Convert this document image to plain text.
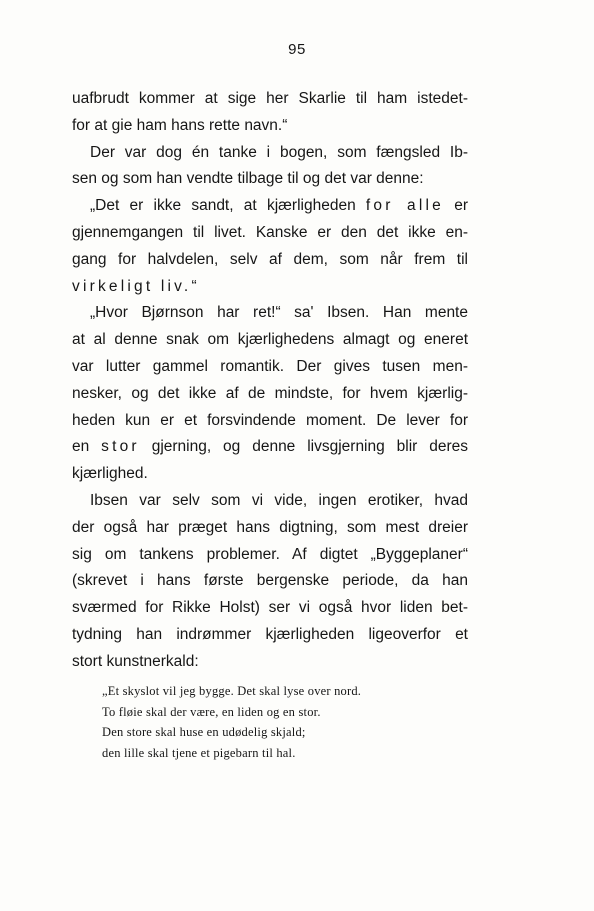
95
uafbrudt kommer at sige her Skarlie til ham istedet-
for at gie ham hans rette navn.“
Der var dog én tanke i bogen, som fængsled Ib-
sen og som han vendte tilbage til og det var denne:
„Det er ikke sandt, at kjærligheden for alle er
gjennemgangen til livet. Kanske er den det ikke en-
gang for halvdelen, selv af dem, som når frem til
virkeligt liv.“
„Hvor Bjørnson har ret!“ sa' Ibsen. Han mente
at al denne snak om kjærlighedens almagt og eneret
var lutter gammel romantik. Der gives tusen men-
nesker, og det ikke af de mindste, for hvem kjærlig-
heden kun er et forsvindende moment. De lever for
en stor gjerning, og denne livsgjerning blir deres
kjærlighed.
Ibsen var selv som vi vide, ingen erotiker, hvad
der også har præget hans digtning, som mest dreier
sig om tankens problemer. Af digtet „Byggeplaner“
(skrevet i hans første bergenske periode, da han
sværmed for Rikke Holst) ser vi også hvor liden bet-
tydning han indrømmer kjærligheden ligeoverfor et
stort kunstnerkald:
„Et skyslot vil jeg bygge. Det skal lyse over nord.
To fløie skal der være, en liden og en stor.
Den store skal huse en udødelig skjald;
den lille skal tjene et pigebarn til hal.
